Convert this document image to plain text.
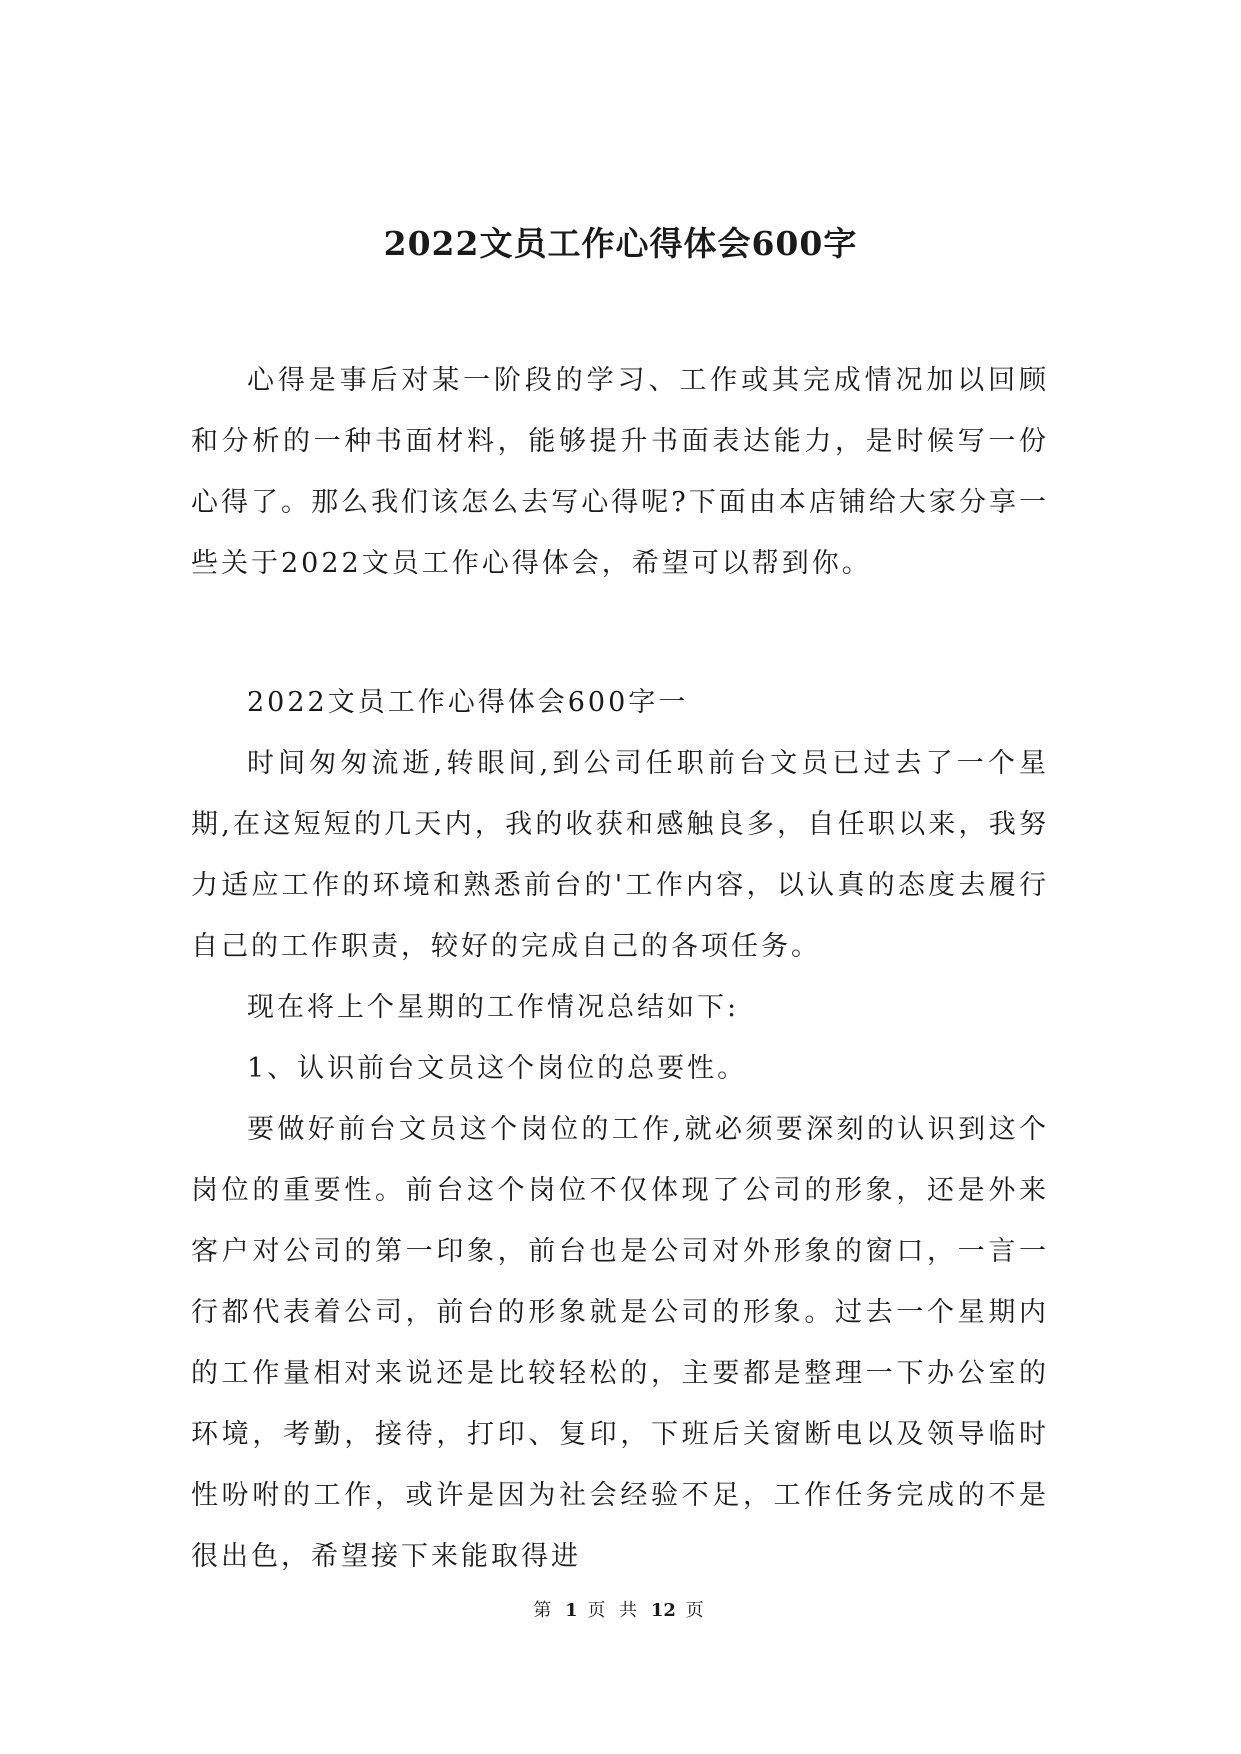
2022文员工作心得体会600字

心得是事后对某一阶段的学习、工作或其完成情况加以回顾和分析的一种书面材料，能够提升书面表达能力，是时候写一份心得了。那么我们该怎么去写心得呢?下面由本店铺给大家分享一些关于2022文员工作心得体会，希望可以帮到你。

2022文员工作心得体会600字一

时间匆匆流逝,转眼间,到公司任职前台文员已过去了一个星期,在这短短的几天内，我的收获和感触良多，自任职以来，我努力适应工作的环境和熟悉前台的'工作内容，以认真的态度去履行自己的工作职责，较好的完成自己的各项任务。

现在将上个星期的工作情况总结如下:

1、认识前台文员这个岗位的总要性。

要做好前台文员这个岗位的工作,就必须要深刻的认识到这个岗位的重要性。前台这个岗位不仅体现了公司的形象，还是外来客户对公司的第一印象，前台也是公司对外形象的窗口，一言一行都代表着公司，前台的形象就是公司的形象。过去一个星期内的工作量相对来说还是比较轻松的，主要都是整理一下办公室的环境，考勤，接待，打印、复印，下班后关窗断电以及领导临时性吩咐的工作，或许是因为社会经验不足，工作任务完成的不是很出色，希望接下来能取得进

第 1 页 共 12 页
